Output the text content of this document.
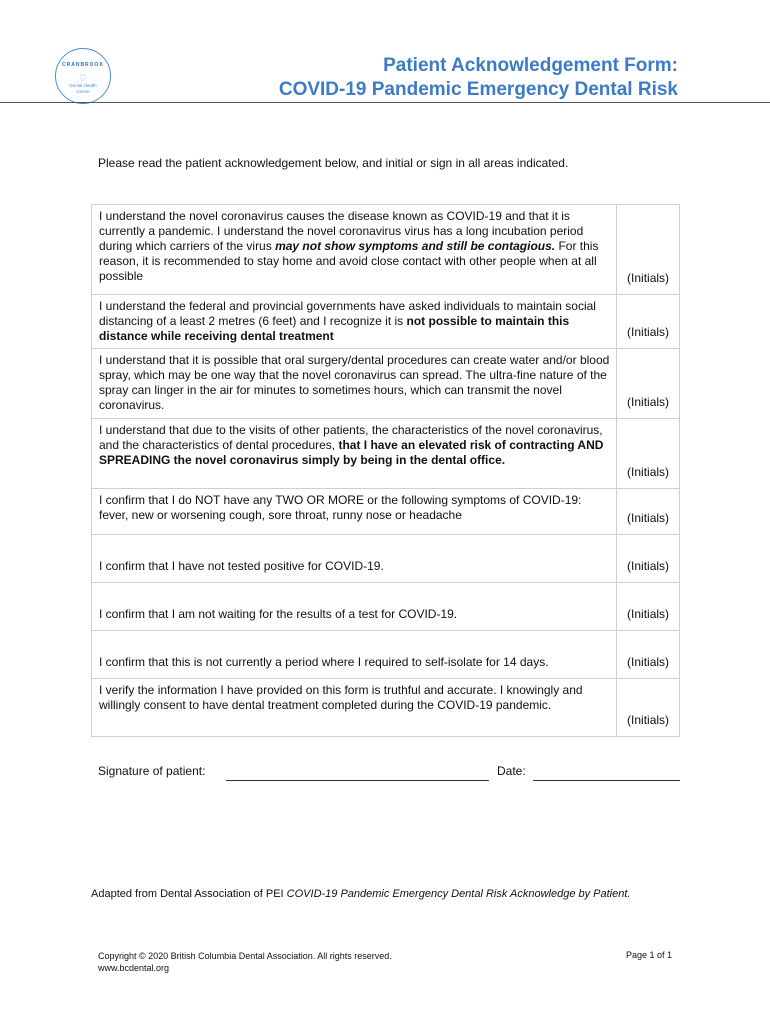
CRANBROOK
♡
Dental Health Centre
Patient Acknowledgement Form:
COVID-19 Pandemic Emergency Dental Risk
Please read the patient acknowledgement below, and initial or sign in all areas indicated.
I understand the novel coronavirus causes the disease known as COVID-19 and that it is currently a pandemic. I understand the novel coronavirus virus has a long incubation period during which carriers of the virus may not show symptoms and still be contagious. For this reason, it is recommended to stay home and avoid close contact with other people when at all possible	(Initials)
I understand the federal and provincial governments have asked individuals to maintain social distancing of a least 2 metres (6 feet) and I recognize it is not possible to maintain this distance while receiving dental treatment	(Initials)
I understand that it is possible that oral surgery/dental procedures can create water and/or blood spray, which may be one way that the novel coronavirus can spread. The ultra-fine nature of the spray can linger in the air for minutes to sometimes hours, which can transmit the novel coronavirus.	(Initials)
I understand that due to the visits of other patients, the characteristics of the novel coronavirus, and the characteristics of dental procedures, that I have an elevated risk of contracting AND SPREADING the novel coronavirus simply by being in the dental office.	(Initials)
I confirm that I do NOT have any TWO OR MORE or the following symptoms of COVID-19: fever, new or worsening cough, sore throat, runny nose or headache	(Initials)
I confirm that I have not tested positive for COVID-19.	(Initials)
I confirm that I am not waiting for the results of a test for COVID-19.	(Initials)
I confirm that this is not currently a period where I required to self-isolate for 14 days.	(Initials)
I verify the information I have provided on this form is truthful and accurate. I knowingly and willingly consent to have dental treatment completed during the COVID-19 pandemic.	(Initials)
Signature of patient:	Date:
Adapted from Dental Association of PEI COVID-19 Pandemic Emergency Dental Risk Acknowledge by Patient.
Copyright © 2020 British Columbia Dental Association. All rights reserved.
www.bcdental.org
Page 1 of 1
